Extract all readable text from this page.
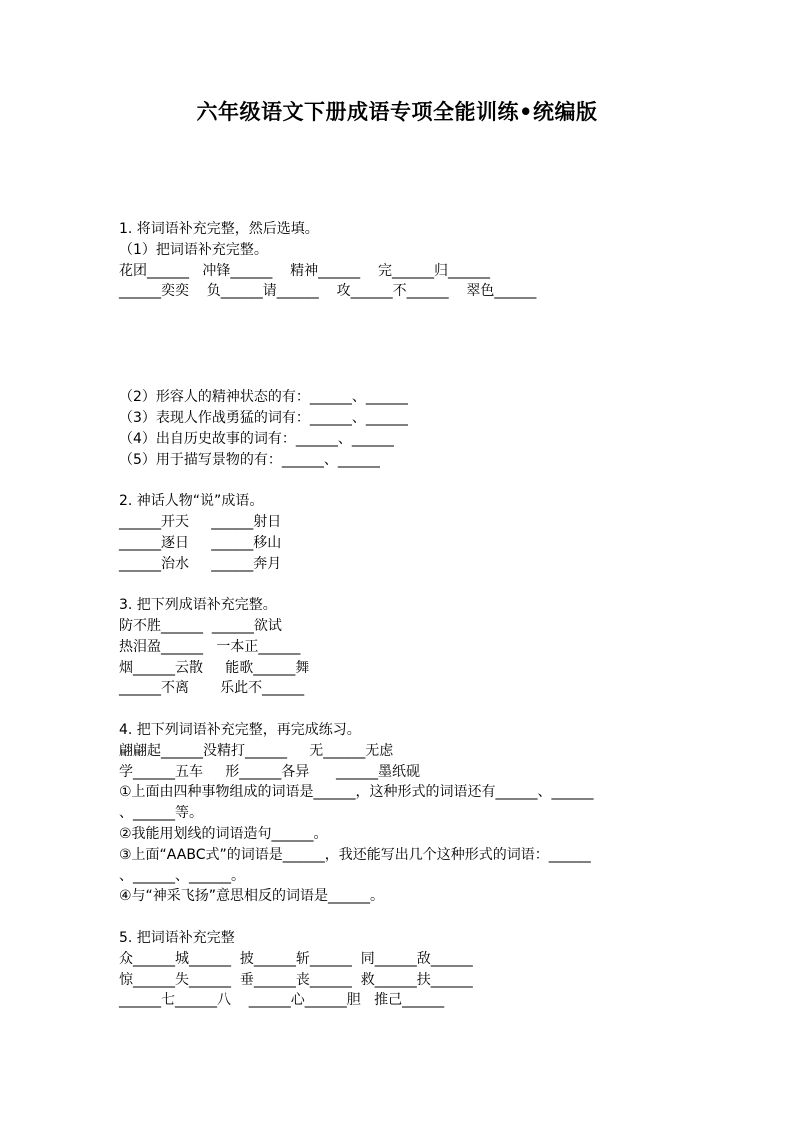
六年级语文下册成语专项全能训练•统编版

1. 将词语补充完整，然后选填。

（1）把词语补充完整。

花团______   冲锋______    精神______    完______归______

______奕奕    负______请______    攻______不______    翠色______

（2）形容人的精神状态的有：______、______

（3）表现人作战勇猛的词有：______、______

（4）出自历史故事的词有：______、______

（5）用于描写景物的有：______、______

2. 神话人物“说”成语。

______开天     ______射日

______逐日     ______移山

______治水     ______奔月

3. 把下列成语补充完整。

防不胜______  ______欲试

热泪盈______   一本正______

烟______云散     能歌______舞

______不离       乐此不______

4. 把下列词语补充完整，再完成练习。

翩翩起______没精打______     无______无虑

学______五车     形______各异      ______墨纸砚

①上面由四种事物组成的词语是______，这种形式的词语还有______、______

、______等。

②我能用划线的词语造句______。

③上面“AABC式”的词语是______，我还能写出几个这种形式的词语：______

、______、______。

④与“神采飞扬”意思相反的词语是______。

5. 把词语补充完整

众______城______  披______斩______  同______敌______

惊______失______  垂______丧______  救______扶______

______七______八    ______心______胆   推己______
